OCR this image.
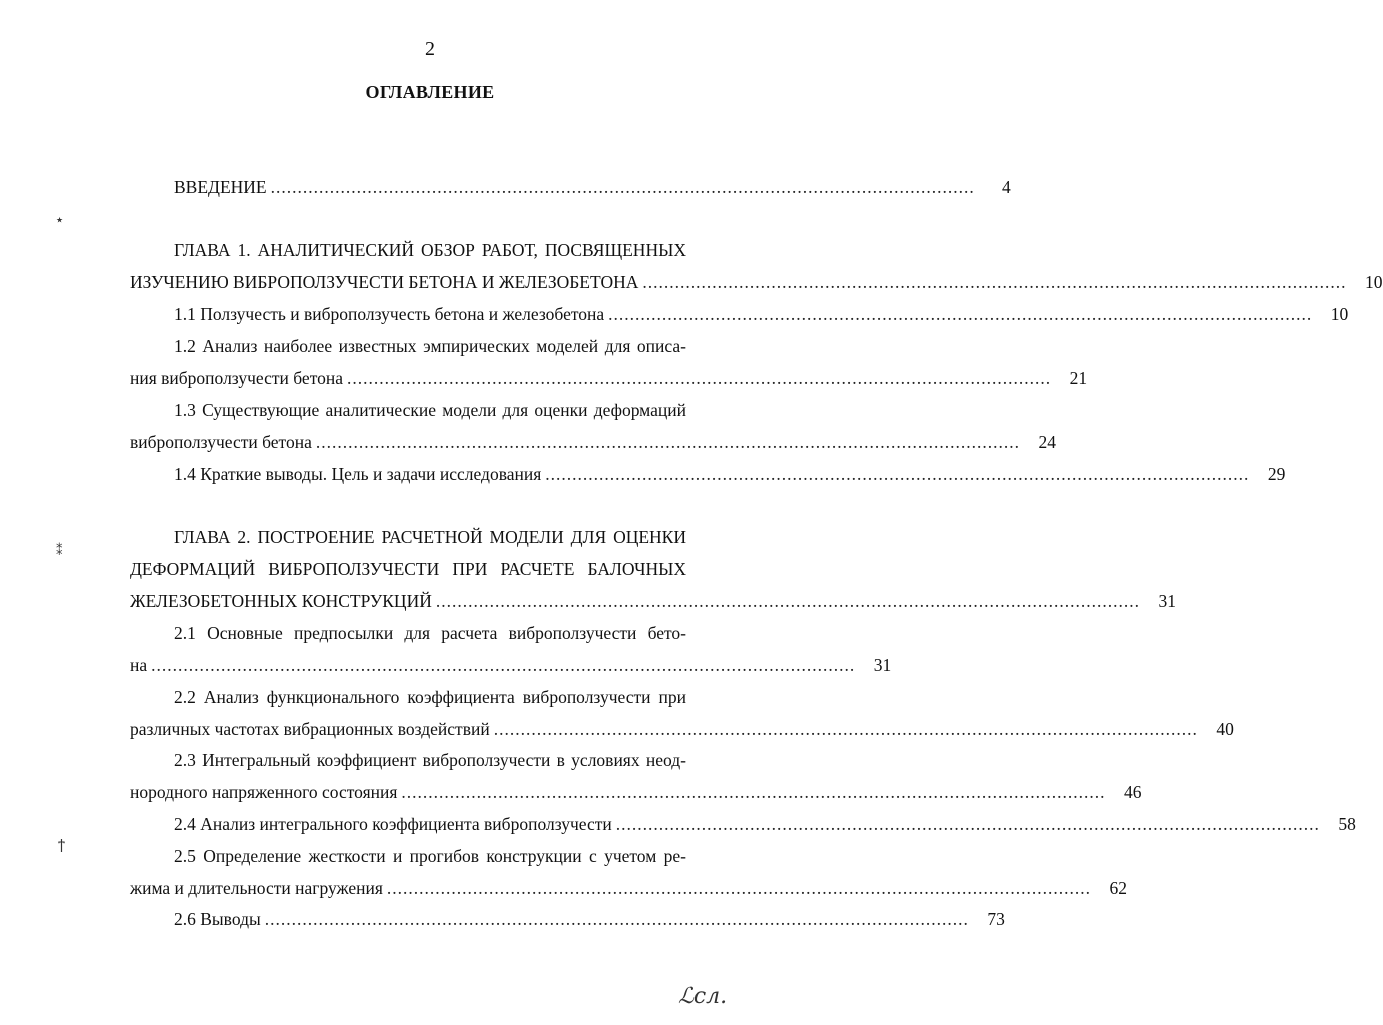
2
ОГЛАВЛЕНИЕ
ВВЕДЕНИЕ ...................................................................................................................................	4
ГЛАВА 1. АНАЛИТИЧЕСКИЙ ОБЗОР РАБОТ, ПОСВЯЩЕННЫХ
ИЗУЧЕНИЮ ВИБРОПОЛЗУЧЕСТИ БЕТОНА И ЖЕЛЕЗОБЕТОНА ...................................................................................................................................	10
1.1 Ползучесть и виброползучесть бетона и железобетона ...................................................................................................................................	10
1.2 Анализ наиболее известных эмпирических моделей для описа-
ния виброползучести бетона ...................................................................................................................................	21
1.3 Существующие аналитические модели для оценки деформаций
виброползучести бетона ...................................................................................................................................	24
1.4 Краткие выводы. Цель и задачи исследования ...................................................................................................................................	29
ГЛАВА 2. ПОСТРОЕНИЕ РАСЧЕТНОЙ МОДЕЛИ ДЛЯ ОЦЕНКИ
ДЕФОРМАЦИЙ ВИБРОПОЛЗУЧЕСТИ ПРИ РАСЧЕТЕ БАЛОЧНЫХ
ЖЕЛЕЗОБЕТОННЫХ КОНСТРУКЦИЙ ...................................................................................................................................	31
2.1 Основные предпосылки для расчета виброползучести бето-
на ...................................................................................................................................	31
2.2 Анализ функционального коэффициента виброползучести при
различных частотах вибрационных воздействий ...................................................................................................................................	40
2.3 Интегральный коэффициент виброползучести в условиях неод-
нородного напряженного состояния ...................................................................................................................................	46
2.4 Анализ интегрального коэффициента виброползучести ...................................................................................................................................	58
2.5 Определение жесткости и прогибов конструкции с учетом ре-
жима и длительности нагружения ...................................................................................................................................	62
2.6 Выводы ...................................................................................................................................	73
٭
⁑
ϯ
ℒсл.
